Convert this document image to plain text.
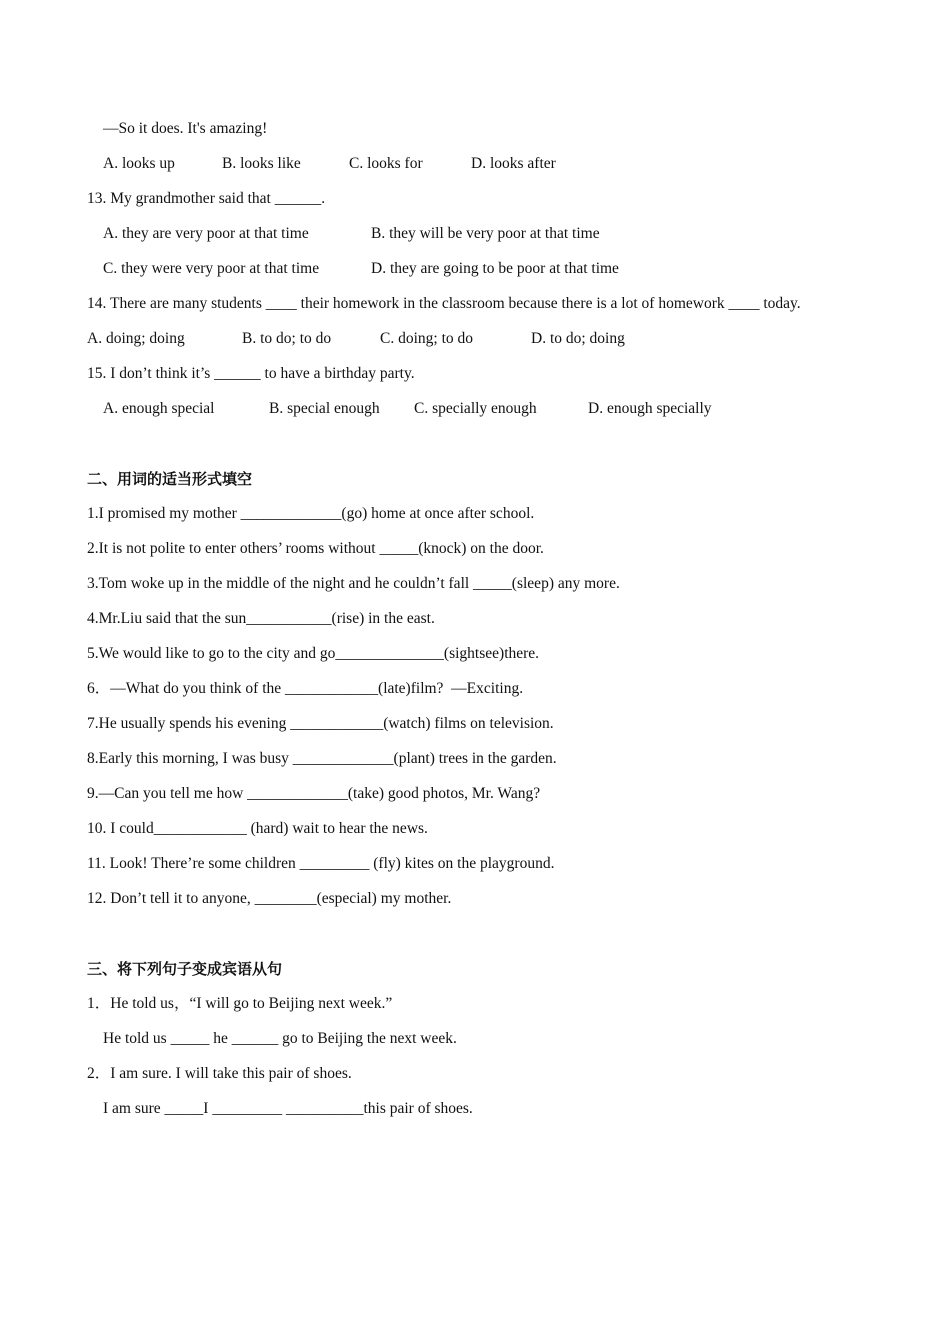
—So it does. It's amazing!
A. looks up	B. looks like	C. looks for	D. looks after
13. My grandmother said that ______.
A. they are very poor at that time	B. they will be very poor at that time
C. they were very poor at that time	D. they are going to be poor at that time
14. There are many students ____ their homework in the classroom because there is a lot of homework ____ today.
A. doing; doing	B. to do; to do	C. doing; to do	D. to do; doing
15. I don’t think it’s ______ to have a birthday party.
A. enough special	B. special enough C. specially enough	D. enough specially
二、用词的适当形式填空
1.I promised my mother _____________(go) home at once after school.
2.It is not polite to enter others’ rooms without _____(knock) on the door.
3.Tom woke up in the middle of the night and he couldn’t fall _____(sleep) any more.
4.Mr.Liu said that the sun___________(rise) in the east.
5.We would like to go to the city and go______________(sightsee)there.
6．—What do you think of the ____________(late)film?  —Exciting.
7.He usually spends his evening ____________(watch) films on television.
8.Early this morning, I was busy _____________(plant) trees in the garden.
9.—Can you tell me how _____________(take) good photos, Mr. Wang?
10. I could____________ (hard) wait to hear the news.
11. Look! There’re some children _________ (fly) kites on the playground.
12. Don’t tell it to anyone, ________(especial) my mother.
三、将下列句子变成宾语从句
1．He told us，“I will go to Beijing next week.”
He told us _____ he ______ go to Beijing the next week.
2．I am sure. I will take this pair of shoes.
I am sure _____I _________ __________this pair of shoes.
